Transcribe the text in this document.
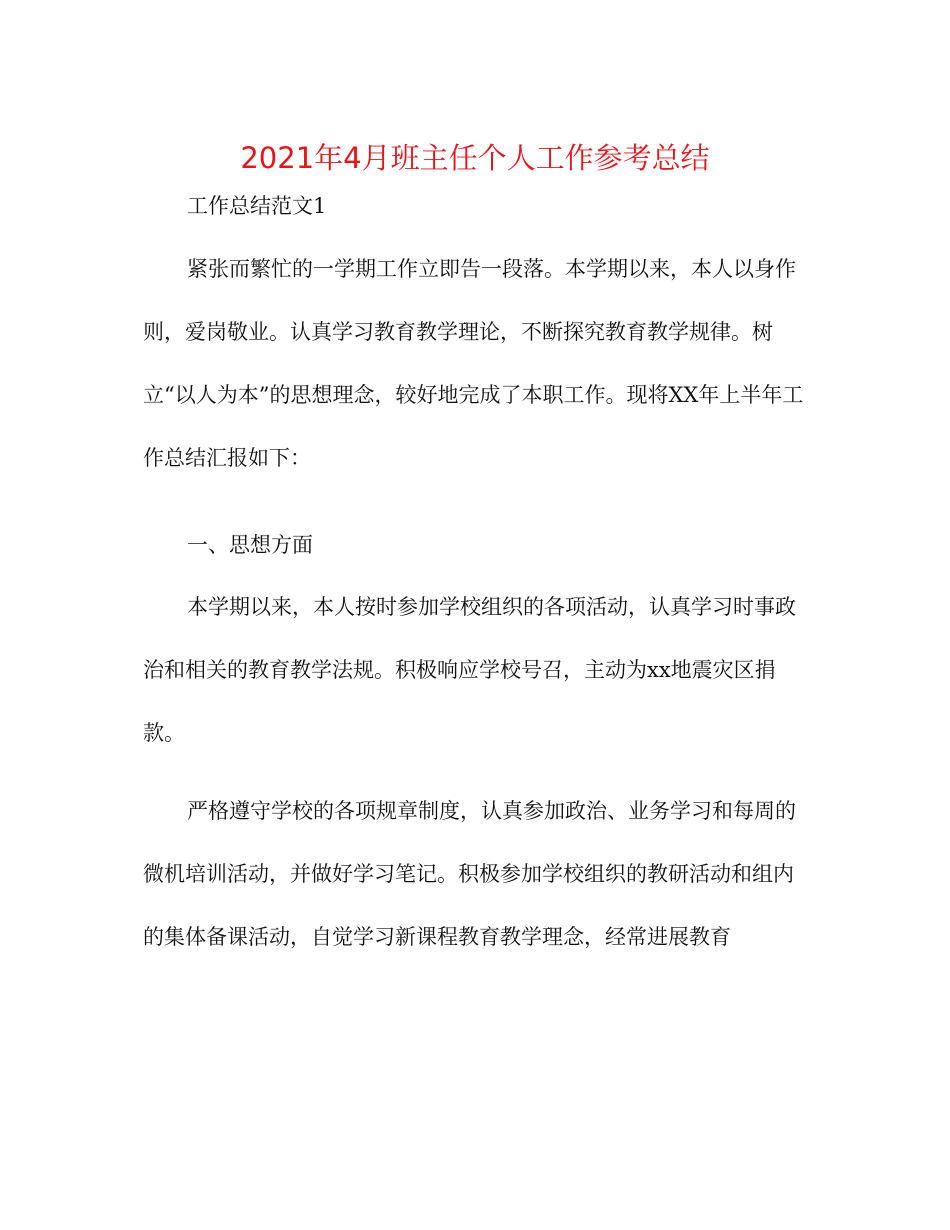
2021年4月班主任个人工作参考总结

工作总结范文1

紧张而繁忙的一学期工作立即告一段落。本学期以来，本人以身作则，爱岗敬业。认真学习教育教学理论，不断探究教育教学规律。树立“以人为本”的思想理念，较好地完成了本职工作。现将XX年上半年工作总结汇报如下：

一、思想方面

本学期以来，本人按时参加学校组织的各项活动，认真学习时事政治和相关的教育教学法规。积极响应学校号召，主动为xx地震灾区捐款。

严格遵守学校的各项规章制度，认真参加政治、业务学习和每周的微机培训活动，并做好学习笔记。积极参加学校组织的教研活动和组内的集体备课活动，自觉学习新课程教育教学理念，经常进展教育
